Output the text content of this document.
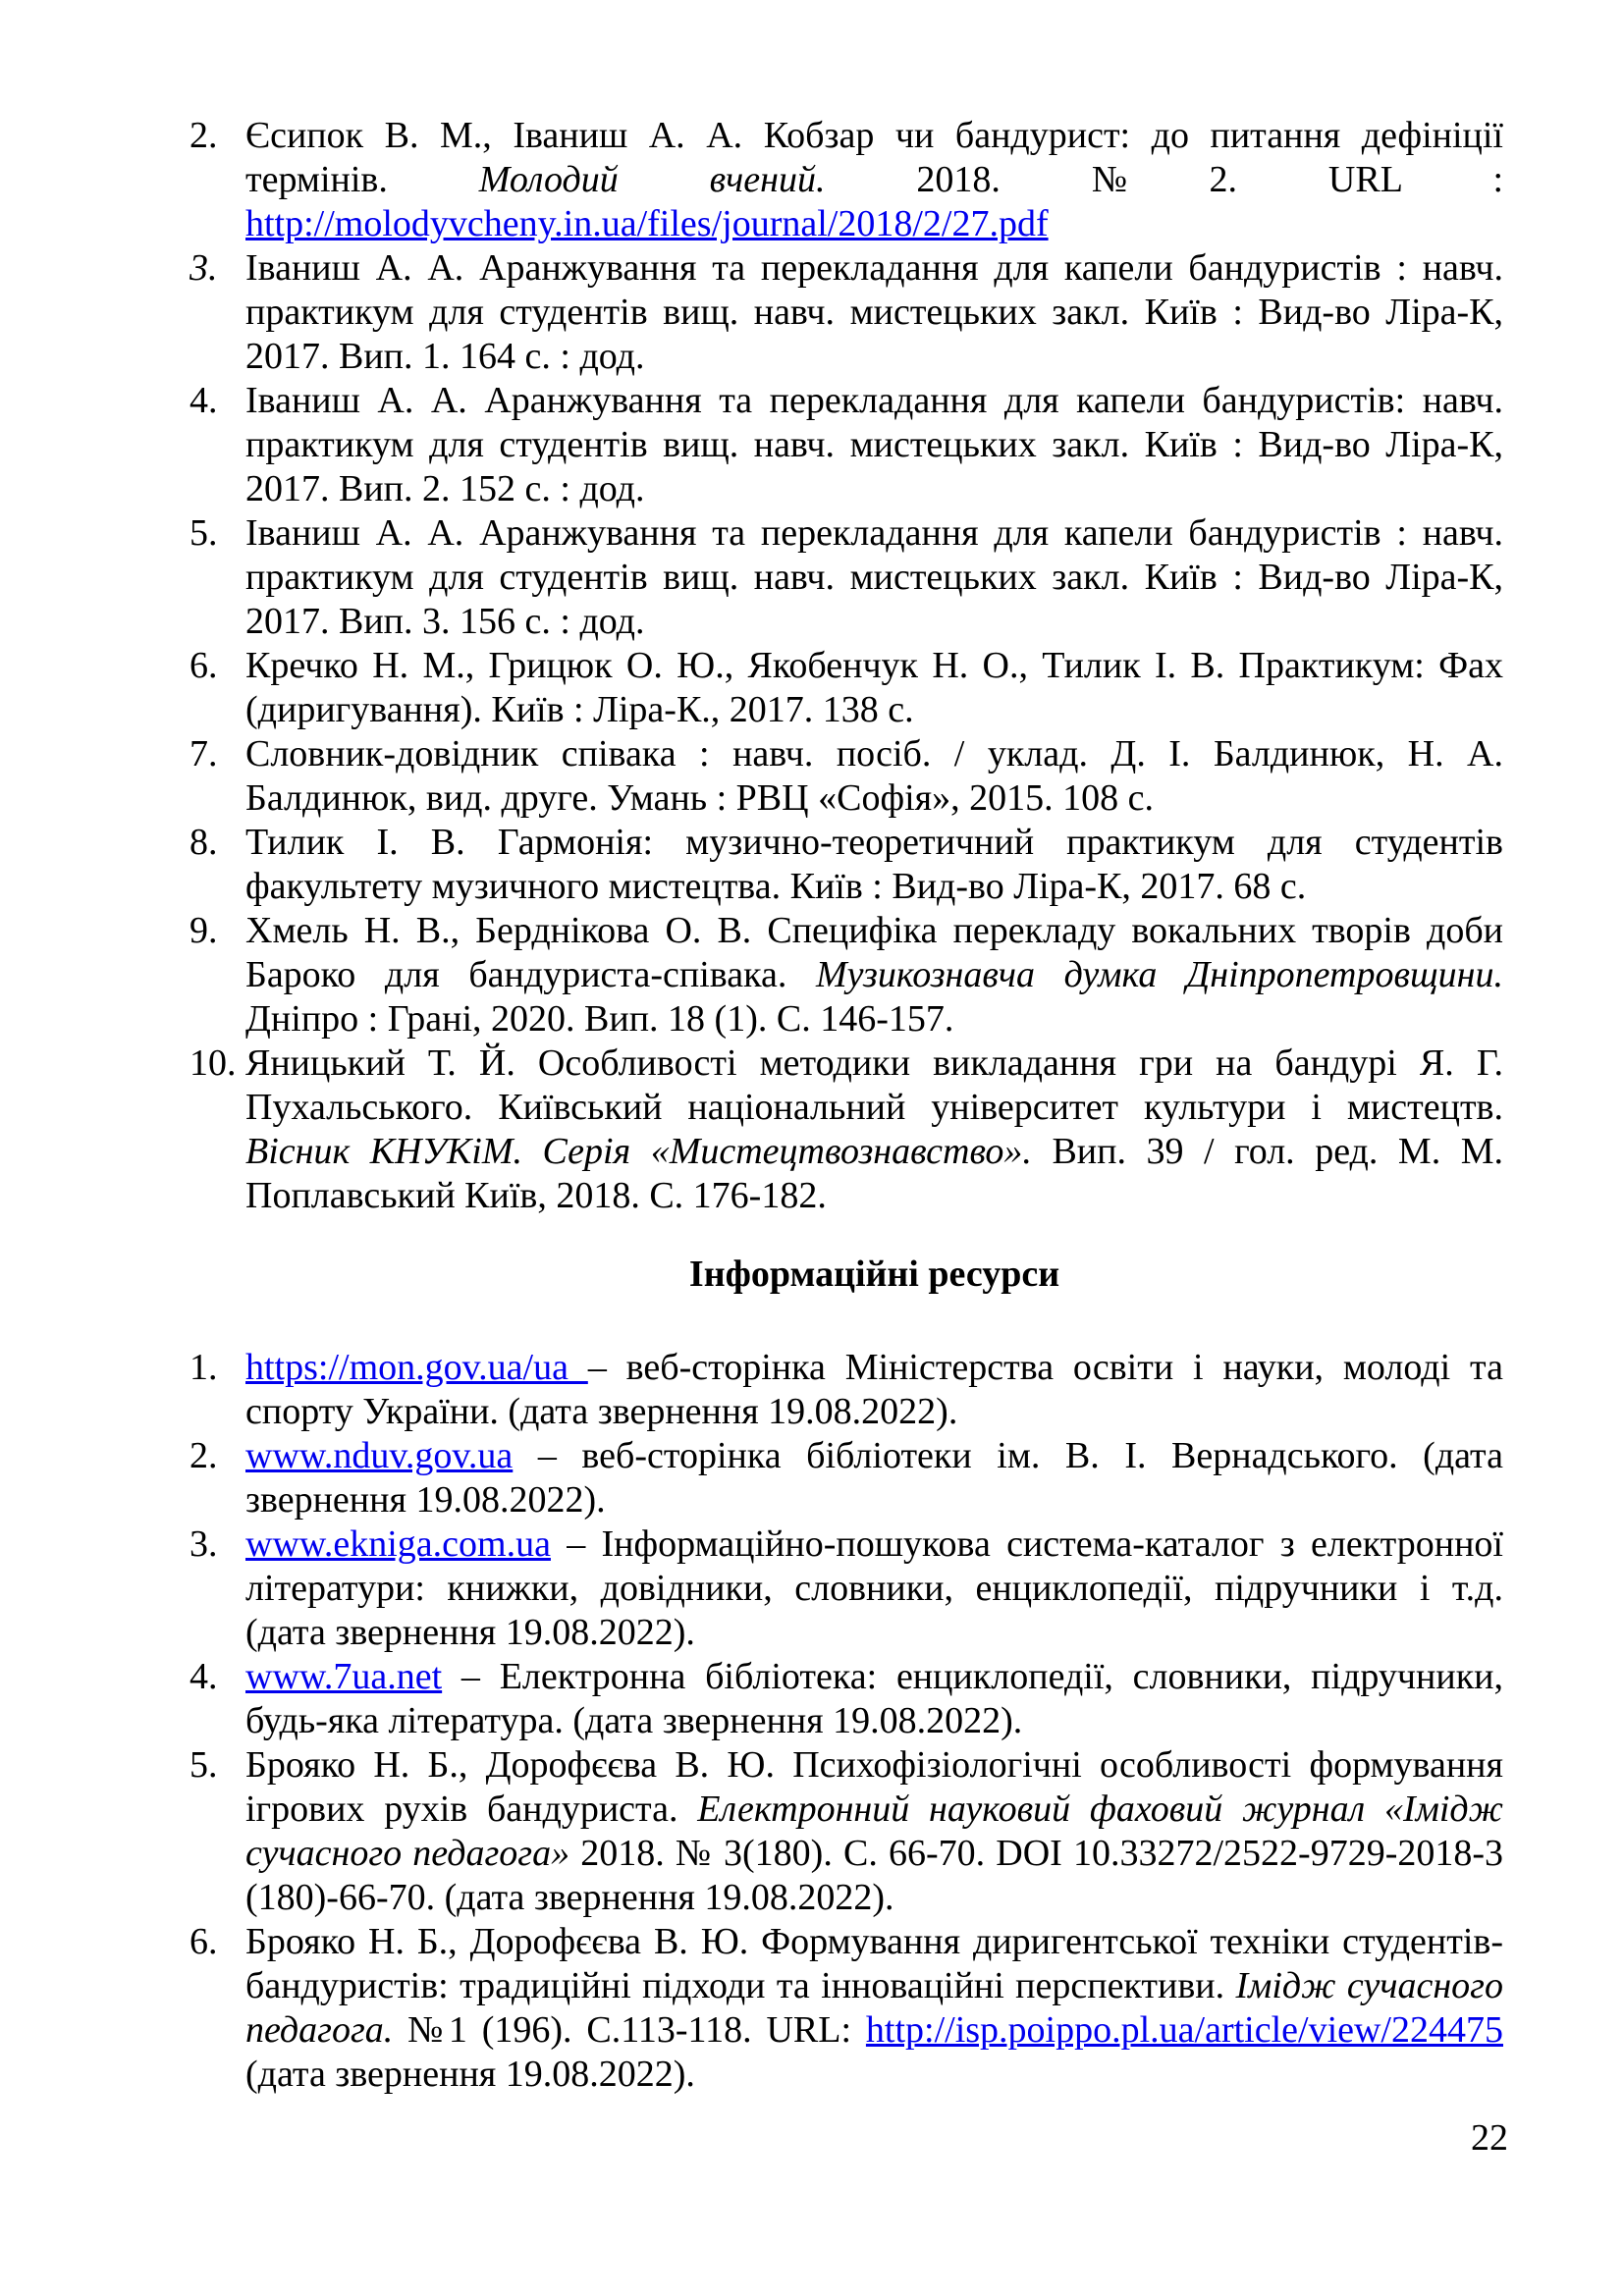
2. Єсипок В. М., Іваниш А. А. Кобзар чи бандурист: до питання дефініції термінів. Молодий вчений. 2018. №2. URL : http://molodyvcheny.in.ua/files/journal/2018/2/27.pdf
3. Іваниш А. А. Аранжування та перекладання для капели бандуристів : навч. практикум для студентів вищ. навч. мистецьких закл. Київ : Вид-во Ліра-К, 2017. Вип. 1. 164 с. : дод.
4. Іваниш А. А. Аранжування та перекладання для капели бандуристів: навч. практикум для студентів вищ. навч. мистецьких закл. Київ : Вид-во Ліра-К, 2017. Вип. 2. 152 с. : дод.
5. Іваниш А. А. Аранжування та перекладання для капели бандуристів : навч. практикум для студентів вищ. навч. мистецьких закл. Київ : Вид-во Ліра-К, 2017. Вип. 3. 156 с. : дод.
6. Кречко Н. М., Грицюк О. Ю., Якобенчук Н. О., Тилик І. В. Практикум: Фах (диригування). Київ : Ліра-К., 2017. 138 с.
7. Словник-довідник співака : навч. посіб. / уклад. Д. І. Балдинюк, Н. А. Балдинюк, вид. друге. Умань : РВЦ «Софія», 2015. 108 с.
8. Тилик І. В. Гармонія: музично-теоретичний практикум для студентів факультету музичного мистецтва. Київ : Вид-во Ліра-К, 2017. 68 с.
9. Хмель Н. В., Берднікова О. В. Специфіка перекладу вокальних творів доби Бароко для бандуриста-співака. Музикознавча думка Дніпропетровщини. Дніпро : Грані, 2020. Вип. 18 (1). С. 146-157.
10. Яницький Т. Й. Особливості методики викладання гри на бандурі Я. Г. Пухальського. Київський національний університет культури і мистецтв. Вісник КНУКіМ. Серія «Мистецтвознавство». Вип. 39 / гол. ред. М. М. Поплавський Київ, 2018. С. 176-182.
Інформаційні ресурси
1. https://mon.gov.ua/ua – веб-сторінка Міністерства освіти і науки, молоді та спорту України. (дата звернення 19.08.2022).
2. www.nduv.gov.ua – веб-сторінка бібліотеки ім. В. І. Вернадського. (дата звернення 19.08.2022).
3. www.ekniga.com.ua – Інформаційно-пошукова система-каталог з електронної літератури: книжки, довідники, словники, енциклопедії, підручники і т.д. (дата звернення 19.08.2022).
4. www.7ua.net – Електронна бібліотека: енциклопедії, словники, підручники, будь-яка література. (дата звернення 19.08.2022).
5. Брояко Н. Б., Дорофєєва В. Ю. Психофізіологічні особливості формування ігрових рухів бандуриста. Електронний науковий фаховий журнал «Імідж сучасного педагога» 2018. № 3(180). С. 66-70. DOI 10.33272/2522-9729-2018-3 (180)-66-70. (дата звернення 19.08.2022).
6. Брояко Н. Б., Дорофєєва В. Ю. Формування диригентської техніки студентів-бандуристів: традиційні підходи та інноваційні перспективи. Імідж сучасного педагога. №1 (196). С.113-118. URL: http://isp.poippo.pl.ua/article/view/224475 (дата звернення 19.08.2022).
22
